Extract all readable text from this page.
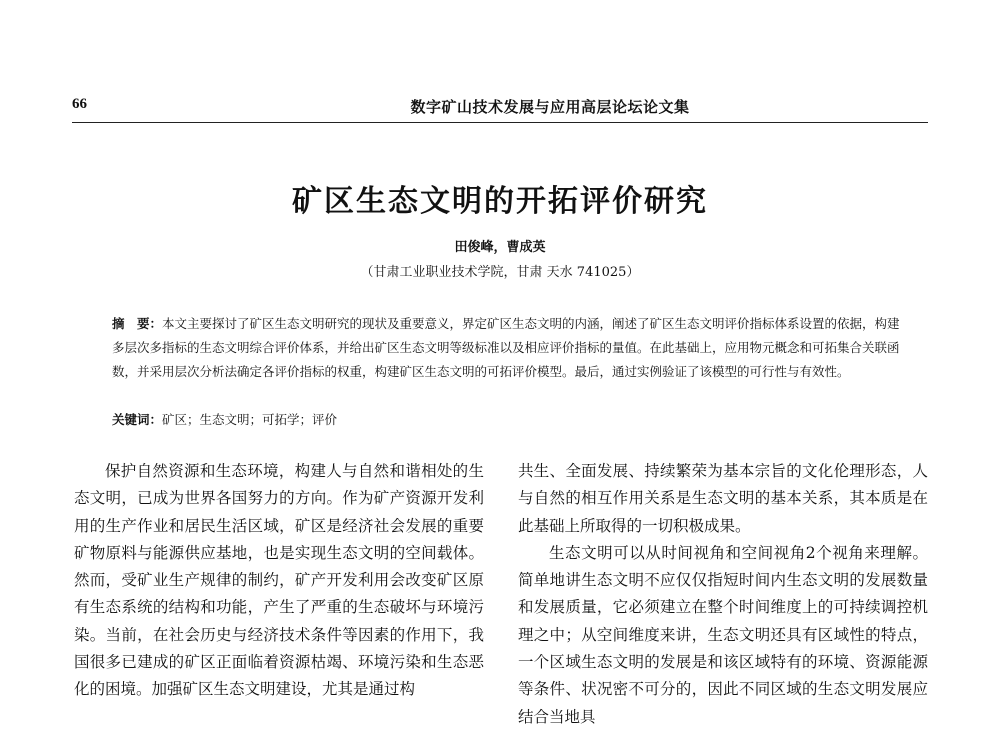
66	数字矿山技术发展与应用高层论坛论文集
矿区生态文明的开拓评价研究
田俊峰，曹成英
（甘肃工业职业技术学院，甘肃 天水 741025）
摘　要：本文主要探讨了矿区生态文明研究的现状及重要意义，界定矿区生态文明的内涵，阐述了矿区生态文明评价指标体系设置的依据，构建多层次多指标的生态文明综合评价体系，并给出矿区生态文明等级标准以及相应评价指标的量值。在此基础上，应用物元概念和可拓集合关联函数，并采用层次分析法确定各评价指标的权重，构建矿区生态文明的可拓评价模型。最后，通过实例验证了该模型的可行性与有效性。
关键词：矿区；生态文明；可拓学；评价

保护自然资源和生态环境，构建人与自然和谐相处的生态文明，已成为世界各国努力的方向。作为矿产资源开发利用的生产作业和居民生活区域，矿区是经济社会发展的重要矿物原料与能源供应基地，也是实现生态文明的空间载体。然而，受矿业生产规律的制约，矿产开发利用会改变矿区原有生态系统的结构和功能，产生了严重的生态破坏与环境污染。当前，在社会历史与经济技术条件等因素的作用下，我国很多已建成的矿区正面临着资源枯竭、环境污染和生态恶化的困境。加强矿区生态文明建设，尤其是通过构

共生、全面发展、持续繁荣为基本宗旨的文化伦理形态，人与自然的相互作用关系是生态文明的基本关系，其本质是在此基础上所取得的一切积极成果。

生态文明可以从时间视角和空间视角2个视角来理解。简单地讲生态文明不应仅仅指短时间内生态文明的发展数量和发展质量，它必须建立在整个时间维度上的可持续调控机理之中；从空间维度来讲，生态文明还具有区域性的特点，一个区域生态文明的发展是和该区域特有的环境、资源能源等条件、状况密不可分的，因此不同区域的生态文明发展应结合当地具
